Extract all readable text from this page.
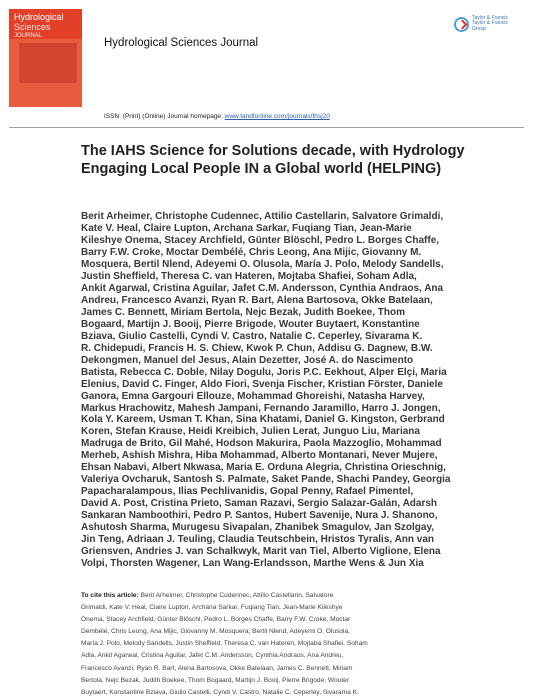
Hydrological
Sciences
JOURNAL
Hydrological Sciences Journal
Taylor & Francis
Taylor & Francis Group
ISSN: (Print) (Online) Journal homepage: www.tandfonline.com/journals/thsj20
The IAHS Science for Solutions decade, with Hydrology Engaging Local People IN a Global world (HELPING)

Berit Arheimer, Christophe Cudennec, Attilio Castellarin, Salvatore Grimaldi,

Kate V. Heal, Claire Lupton, Archana Sarkar, Fuqiang Tian, Jean-Marie

Kileshye Onema, Stacey Archfield, Günter Blöschl, Pedro L. Borges Chaffe,

Barry F.W. Croke, Moctar Dembélé, Chris Leong, Ana Mijic, Giovanny M.

Mosquera, Bertil Nlend, Adeyemi O. Olusola, María J. Polo, Melody Sandells,

Justin Sheffield, Theresa C. van Hateren, Mojtaba Shafiei, Soham Adla,

Ankit Agarwal, Cristina Aguilar, Jafet C.M. Andersson, Cynthia Andraos, Ana

Andreu, Francesco Avanzi, Ryan R. Bart, Alena Bartosova, Okke Batelaan,

James C. Bennett, Miriam Bertola, Nejc Bezak, Judith Boekee, Thom

Bogaard, Martijn J. Booij, Pierre Brigode, Wouter Buytaert, Konstantine

Bziava, Giulio Castelli, Cyndi V. Castro, Natalie C. Ceperley, Sivarama K.

R. Chidepudi, Francis H. S. Chiew, Kwok P. Chun, Addisu G. Dagnew, B.W.

Dekongmen, Manuel del Jesus, Alain Dezetter, José A. do Nascimento

Batista, Rebecca C. Doble, Nilay Dogulu, Joris P.C. Eekhout, Alper Elçi, Maria

Elenius, David C. Finger, Aldo Fiori, Svenja Fischer, Kristian Förster, Daniele

Ganora, Emna Gargouri Ellouze, Mohammad Ghoreishi, Natasha Harvey,

Markus Hrachowitz, Mahesh Jampani, Fernando Jaramillo, Harro J. Jongen,

Kola Y. Kareem, Usman T. Khan, Sina Khatami, Daniel G. Kingston, Gerbrand

Koren, Stefan Krause, Heidi Kreibich, Julien Lerat, Junguo Liu, Mariana

Madruga de Brito, Gil Mahé, Hodson Makurira, Paola Mazzoglio, Mohammad

Merheb, Ashish Mishra, Hiba Mohammad, Alberto Montanari, Never Mujere,

Ehsan Nabavi, Albert Nkwasa, Maria E. Orduna Alegria, Christina Orieschnig,

Valeriya Ovcharuk, Santosh S. Palmate, Saket Pande, Shachi Pandey, Georgia

Papacharalampous, Ilias Pechlivanidis, Gopal Penny, Rafael Pimentel,

David A. Post, Cristina Prieto, Saman Razavi, Sergio Salazar-Galán, Adarsh

Sankaran Namboothiri, Pedro P. Santos, Hubert Savenije, Nura J. Shanono,

Ashutosh Sharma, Murugesu Sivapalan, Zhanibek Smagulov, Jan Szolgay,

Jin Teng, Adriaan J. Teuling, Claudia Teutschbein, Hristos Tyralis, Ann van

Griensven, Andries J. van Schalkwyk, Marit van Tiel, Alberto Viglione, Elena

Volpi, Thorsten Wagener, Lan Wang-Erlandsson, Marthe Wens & Jun Xia

To cite this article: Berit Arheimer, Christophe Cudennec, Attilio Castellarin, Salvatore

Grimaldi, Kate V. Heal, Claire Lupton, Archana Sarkar, Fuqiang Tian, Jean-Marie Kileshye

Onema, Stacey Archfield, Günter Blöschl, Pedro L. Borges Chaffe, Barry F.W. Croke, Moctar

Dembélé, Chris Leong, Ana Mijic, Giovanny M. Mosquera, Bertil Nlend, Adeyemi O. Olusola,

María J. Polo, Melody Sandells, Justin Sheffield, Theresa C. van Hateren, Mojtaba Shafiei, Soham

Adla, Ankit Agarwal, Cristina Aguilar, Jafet C.M. Andersson, Cynthia Andraos, Ana Andreu,

Francesco Avanzi, Ryan R. Bart, Alena Bartosova, Okke Batelaan, James C. Bennett, Miriam

Bertola, Nejc Bezak, Judith Boekee, Thom Bogaard, Martijn J. Booij, Pierre Brigode, Wouter

Buytaert, Konstantine Bziava, Giulio Castelli, Cyndi V. Castro, Natalie C. Ceperley, Sivarama K.
